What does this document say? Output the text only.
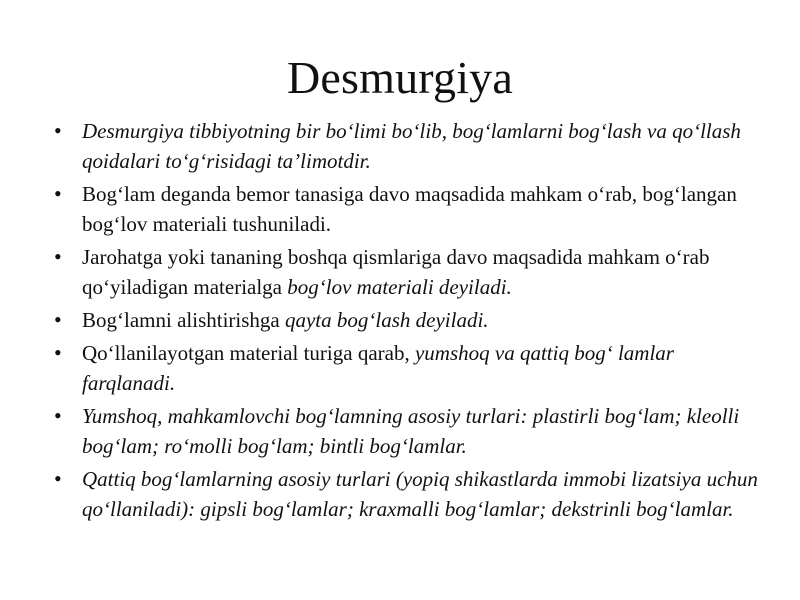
Desmurgiya
• Desmurgiya tibbiyotning bir bo‘limi bo‘lib, bog‘lamlarni bog‘lash va qo‘llash qoidalari to‘g‘risidagi ta’limotdir.
• Bog‘lam deganda bemor tanasiga davo maqsadida mahkam o‘rab, bog‘langan bog‘lov materiali tushuniladi.
• Jarohatga yoki tananing boshqa qismlariga davo maqsadida mahkam o‘rab qo‘yiladigan materialga bog‘lov materiali deyiladi.
• Bog‘lamni alishtirishga qayta bog‘lash deyiladi.
• Qo‘llanilayotgan material turiga qarab, yumshoq va qattiq bog‘ lamlar farqlanadi.
• Yumshoq, mahkamlovchi bog‘lamning asosiy turlari: plastirli bog‘lam; kleolli bog‘lam; ro‘molli bog‘lam; bintli bog‘lamlar.
• Qattiq bog‘lamlarning asosiy turlari (yopiq shikastlarda immobi lizatsiya uchun qo‘llaniladi): gipsli bog‘lamlar; kraxmalli bog‘lamlar; dekstrinli bog‘lamlar.
